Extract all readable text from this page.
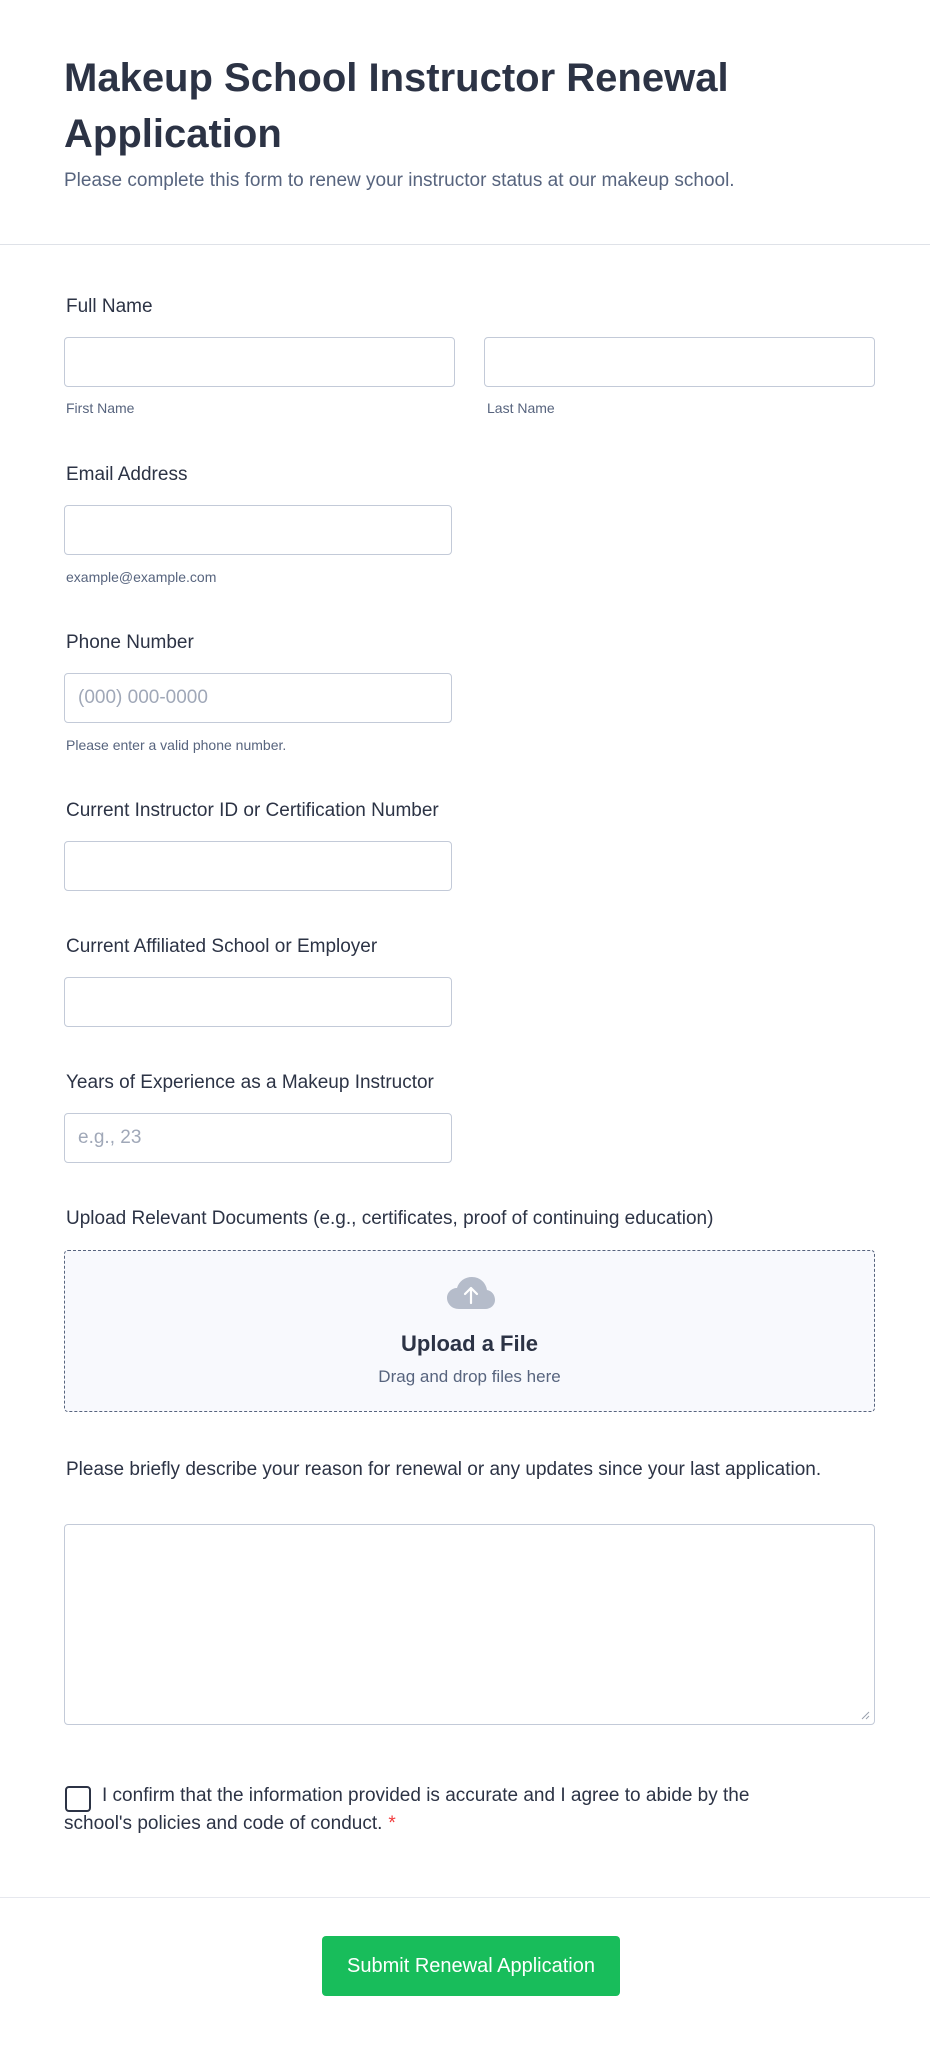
Makeup School Instructor Renewal Application
Please complete this form to renew your instructor status at our makeup school.
Full Name
First Name	Last Name
Email Address
example@example.com
Phone Number
(000) 000-0000
Please enter a valid phone number.
Current Instructor ID or Certification Number
Current Affiliated School or Employer
Years of Experience as a Makeup Instructor
e.g., 23
Upload Relevant Documents (e.g., certificates, proof of continuing education)
Upload a File
Drag and drop files here
Please briefly describe your reason for renewal or any updates since your last application.
I confirm that the information provided is accurate and I agree to abide by the school's policies and code of conduct. *
Submit Renewal Application
